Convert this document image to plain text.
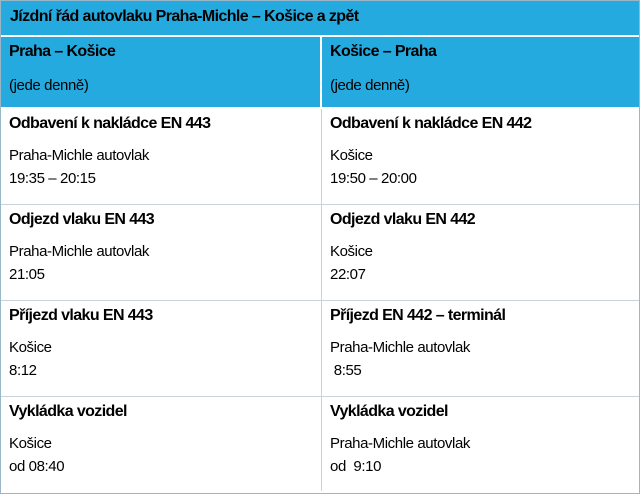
Jízdní řád autovlaku Praha-Michle – Košice a zpět
Praha – Košice
(jede denně)
Košice – Praha
(jede denně)
Odbavení k nakládce EN 443
Praha-Michle autovlak
19:35 – 20:15
Odbavení k nakládce EN 442
Košice
19:50 – 20:00
Odjezd vlaku EN 443
Praha-Michle autovlak
21:05
Odjezd vlaku EN 442
Košice
22:07
Příjezd vlaku EN 443
Košice
8:12
Příjezd EN 442 – terminál
Praha-Michle autovlak
8:55
Vykládka vozidel
Košice
od 08:40
Vykládka vozidel
Praha-Michle autovlak
od  9:10
